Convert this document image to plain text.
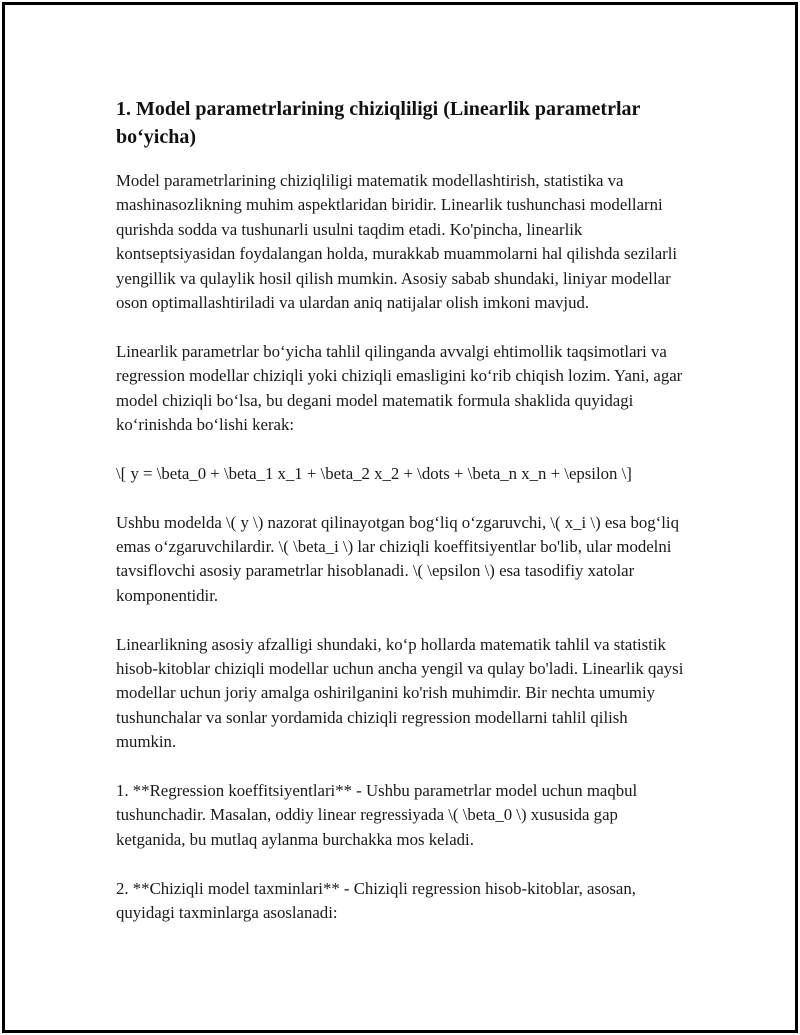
1. Model parametrlarining chiziqliligi (Linearlik parametrlar bo‘yicha)

Model parametrlarining chiziqliligi matematik modellashtirish, statistika va mashinasozlikning muhim aspektlaridan biridir. Linearlik tushunchasi modellarni qurishda sodda va tushunarli usulni taqdim etadi. Ko'pincha, linearlik kontseptsiyasidan foydalangan holda, murakkab muammolarni hal qilishda sezilarli yengillik va qulaylik hosil qilish mumkin. Asosiy sabab shundaki, liniyar modellar oson optimallashtiriladi va ulardan aniq natijalar olish imkoni mavjud.

Linearlik parametrlar bo‘yicha tahlil qilinganda avvalgi ehtimollik taqsimotlari va regression modellar chiziqli yoki chiziqli emasligini ko‘rib chiqish lozim. Yani, agar model chiziqli bo‘lsa, bu degani model matematik formula shaklida quyidagi ko‘rinishda bo‘lishi kerak:

\[ y = \beta_0 + \beta_1 x_1 + \beta_2 x_2 + \dots + \beta_n x_n + \epsilon \]

Ushbu modelda \( y \) nazorat qilinayotgan bog‘liq o‘zgaruvchi, \( x_i \) esa bog‘liq emas o‘zgaruvchilardir. \( \beta_i \) lar chiziqli koeffitsiyentlar bo'lib, ular modelni tavsiflovchi asosiy parametrlar hisoblanadi. \( \epsilon \) esa tasodifiy xatolar komponentidir.

Linearlikning asosiy afzalligi shundaki, ko‘p hollarda matematik tahlil va statistik hisob-kitoblar chiziqli modellar uchun ancha yengil va qulay bo'ladi. Linearlik qaysi modellar uchun joriy amalga oshirilganini ko'rish muhimdir. Bir nechta umumiy tushunchalar va sonlar yordamida chiziqli regression modellarni tahlil qilish mumkin.

1. **Regression koeffitsiyentlari** - Ushbu parametrlar model uchun maqbul tushunchadir. Masalan, oddiy linear regressiyada \( \beta_0 \) xususida gap ketganida, bu mutlaq aylanma burchakka mos keladi.

2. **Chiziqli model taxminlari** - Chiziqli regression hisob-kitoblar, asosan, quyidagi taxminlarga asoslanadi:
